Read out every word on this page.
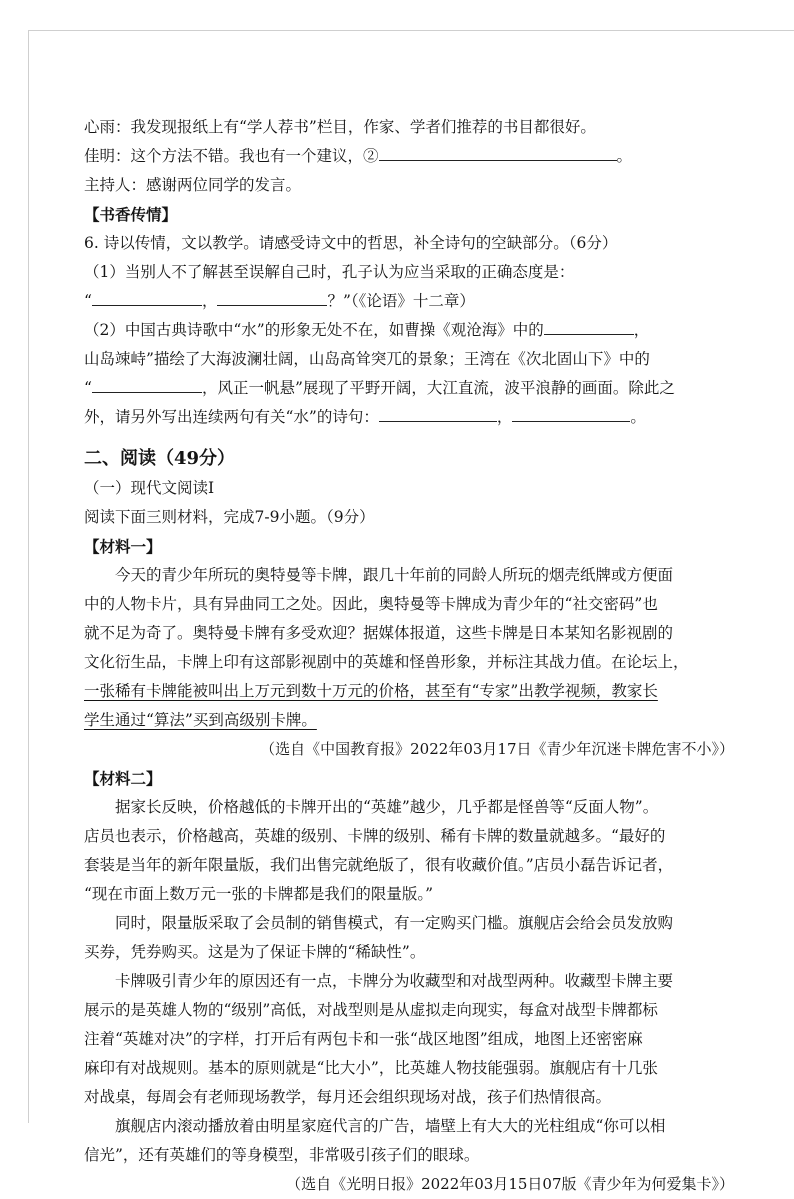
心雨：我发现报纸上有“学人荐书”栏目，作家、学者们推荐的书目都很好。
佳明：这个方法不错。我也有一个建议，②	。
主持人：感谢两位同学的发言。
【书香传情】
6. 诗以传情，文以教学。请感受诗文中的哲思，补全诗句的空缺部分。（6分）
（1）当别人不了解甚至误解自己时，孔子认为应当采取的正确态度是：
“	，	？”（《论语》十二章）
（2）中国古典诗歌中“水”的形象无处不在，如曹操《观沧海》中的	，
山岛竦峙”描绘了大海波澜壮阔，山岛高耸突兀的景象；王湾在《次北固山下》中的
“	，风正一帆悬”展现了平野开阔，大江直流，波平浪静的画面。除此之
外，请另外写出连续两句有关“水”的诗句：	，	。
二、阅读（49分）
（一）现代文阅读Ⅰ
阅读下面三则材料，完成7-9小题。（9分）
【材料一】
今天的青少年所玩的奥特曼等卡牌，跟几十年前的同龄人所玩的烟壳纸牌或方便面
中的人物卡片，具有异曲同工之处。因此，奥特曼等卡牌成为青少年的“社交密码”也
就不足为奇了。奥特曼卡牌有多受欢迎？据媒体报道，这些卡牌是日本某知名影视剧的
文化衍生品，卡牌上印有这部影视剧中的英雄和怪兽形象，并标注其战力值。在论坛上，
一张稀有卡牌能被叫出上万元到数十万元的价格，甚至有“专家”出教学视频，教家长
学生通过“算法”买到高级别卡牌。
（选自《中国教育报》2022年03月17日《青少年沉迷卡牌危害不小》）
【材料二】
据家长反映，价格越低的卡牌开出的“英雄”越少，几乎都是怪兽等“反面人物”。
店员也表示，价格越高，英雄的级别、卡牌的级别、稀有卡牌的数量就越多。“最好的
套装是当年的新年限量版，我们出售完就绝版了，很有收藏价值。”店员小磊告诉记者，
“现在市面上数万元一张的卡牌都是我们的限量版。”
同时，限量版采取了会员制的销售模式，有一定购买门槛。旗舰店会给会员发放购
买券，凭券购买。这是为了保证卡牌的“稀缺性”。
卡牌吸引青少年的原因还有一点，卡牌分为收藏型和对战型两种。收藏型卡牌主要
展示的是英雄人物的“级别”高低，对战型则是从虚拟走向现实，每盒对战型卡牌都标
注着“英雄对决”的字样，打开后有两包卡和一张“战区地图”组成，地图上还密密麻
麻印有对战规则。基本的原则就是“比大小”，比英雄人物技能强弱。旗舰店有十几张
对战桌，每周会有老师现场教学，每月还会组织现场对战，孩子们热情很高。
旗舰店内滚动播放着由明星家庭代言的广告，墙壁上有大大的光柱组成“你可以相
信光”，还有英雄们的等身模型，非常吸引孩子们的眼球。
（选自《光明日报》2022年03月15日07版《青少年为何爱集卡》）
